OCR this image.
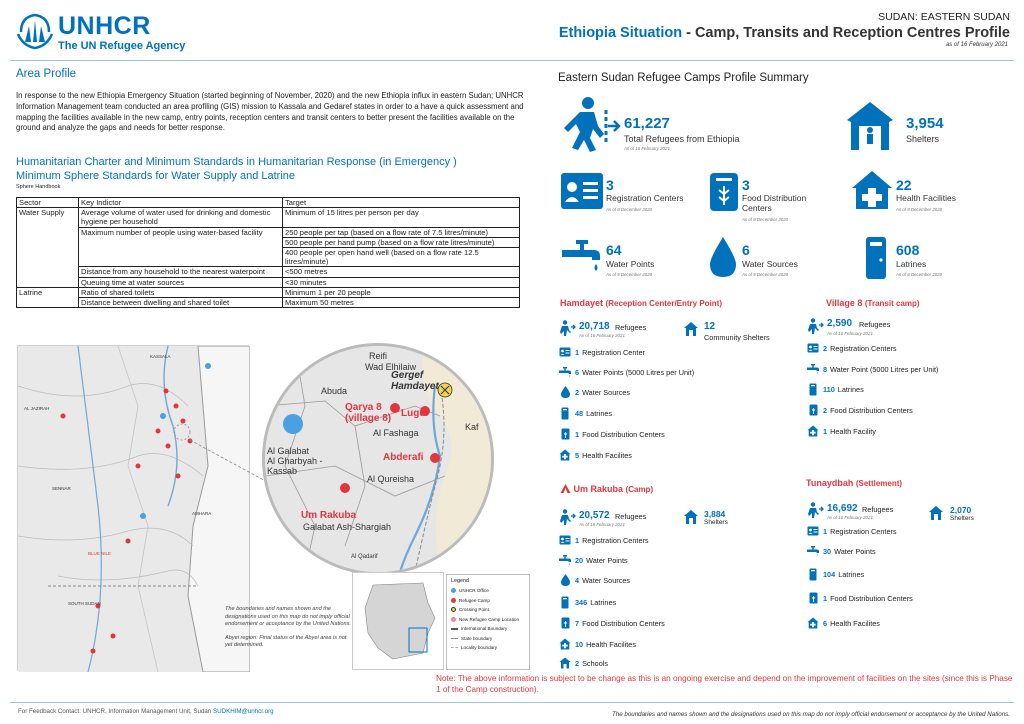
UNHCR
The UN Refugee Agency
SUDAN: EASTERN SUDAN
Ethiopia Situation - Camp, Transits and Reception Centres Profile
as of 16 February 2021
Area Profile
In response to the new Ethiopia Emergency Situation (started beginning of November, 2020) and the new Ethiopia influx in eastern Sudan; UNHCR Information Management team conducted an area profiling (GIS) mission to Kassala and Gedaref states in order to a have a quick assessment and mapping the facilities available in the new camp, entry points, reception centers and transit centers to better present the facilities available on the ground and analyze the gaps and needs for better response.
Humanitarian Charter and Minimum Standards in Humanitarian Response (in Emergency )
Minimum Sphere Standards for Water Supply and Latrine
Sphere Handbook
Sector	Key Indictor	Target
Water Supply	Average volume of water used for drinking and domestic hygiene per household	Minimum of 15 litres per person per day
	Maximum number of people using water-based facility	250 people per tap (based on a flow rate of 7.5 litres/minute)
		500 people per hand pump (based on a flow rate litres/minute)
		400 people per open hand well (based on a flow rate 12.5 litres/minute)
	Distance from any household to the nearest waterpoint	<500 metres
	Queuing time at water sources	<30 minutes
Latrine	Ratio of shared toilets	Minimum 1 per 20 people
	Distance between dwelling and shared toilet	Maximum 50 metres
KASSALA
AL JAZIRAH
SENNAR
AMHARA
BLUE NILE
SOUTH SUDAN
Reifi
Wad Elhilaiw
Gergef
Hamdayet
Abuda
Qarya 8
(village 8) Lugdi
Al Fashaga
Kaf
Al Galabat
Al Gharbyah -
Kassab
Abderafi
Al Qureisha
Um Rakuba
Galabat Ash-Shargiah
Al Qadarif
The boundaries and names shown and the designations used on this map do not imply official endorsement or acceptance by the United Nations.
Abyei region: Final status of the Abyei area is not yet determined.
Legend
UNHCR Office
Refugee Camp
Crossing Point
New Refugee Camp Location
International Boundary
State boundary
Locality boundary
Eastern Sudan Refugee Camps Profile Summary
61,227
Total Refugees from Ethiopia
As of 16 February 2021
3,954
Shelters
3
Registration Centers
As of 8 December 2020
3
Food Distribution Centers
As of 8 December 2020
22
Health Facilities
As of 8 December 2020
64
Water Points
As of 8 December 2020
6
Water Sources
As of 8 December 2020
608
Latrines
As of 8 December 2020
Hamdayet (Reception Center/Entry Point)
20,718 Refugees
As of 16 February 2021
12
Community Shelters
1 Registration Center
6 Water Points (5000 Litres per Unit)
2 Water Sources
48 Latrines
1 Food Distribution Centers
5 Health Facilites
Village 8 (Transit camp)
2,590 Refugees
As of 16 February 2021
2 Registration Centers
8 Water Point (5000 Litres per Unit)
110 Latrines
2 Food Distribution Centers
1 Health Facility
Um Rakuba (Camp)
20,572 Refugees
As of 16 February 2021
3,884
Shelters
1 Registration Centers
20 Water Points
4 Water Sources
346 Latrines
7 Food Distribution Centers
10 Health Facilites
2 Schools
Tunaydbah (Settlement)
16,692 Refugees
As of 16 February 2021
2,070
Shelters
1 Registration Centers
30 Water Points
104 Latrines
1 Food Distribution Centers
6 Health Facilites
Note: The above information is subject to be change as this is an ongoing exercise and depend on the improvement of facilities on the sites (since this is Phase 1 of the Camp construction).
For Feedback Contact: UNHCR, Information Management Unit, Sudan SUDKHIM@unhcr.org	The boundaries and names shown and the designations used on this map do not imply official endorsement or acceptance by the United Nations.
